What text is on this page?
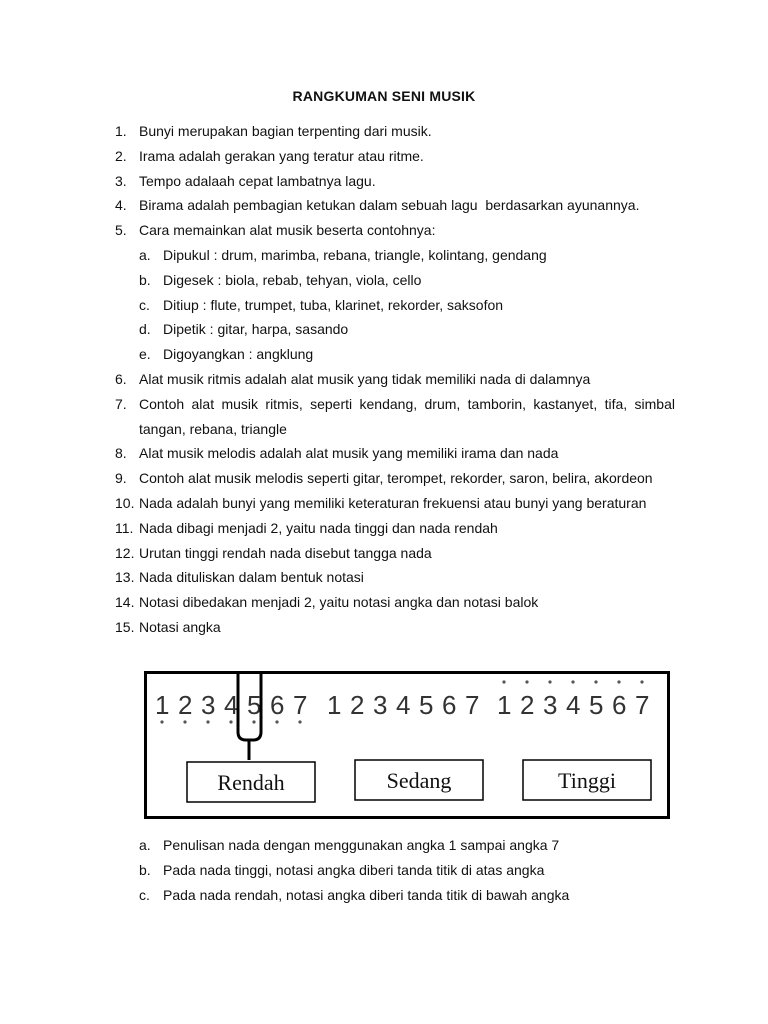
RANGKUMAN SENI MUSIK
1. Bunyi merupakan bagian terpenting dari musik.
2. Irama adalah gerakan yang teratur atau ritme.
3. Tempo adalaah cepat lambatnya lagu.
4. Birama adalah pembagian ketukan dalam sebuah lagu  berdasarkan ayunannya.
5. Cara memainkan alat musik beserta contohnya:
a. Dipukul : drum, marimba, rebana, triangle, kolintang, gendang
b. Digesek : biola, rebab, tehyan, viola, cello
c. Ditiup : flute, trumpet, tuba, klarinet, rekorder, saksofon
d. Dipetik : gitar, harpa, sasando
e. Digoyangkan : angklung
6. Alat musik ritmis adalah alat musik yang tidak memiliki nada di dalamnya
7. Contoh alat musik ritmis, seperti kendang, drum, tamborin, kastanyet, tifa, simbal tangan, rebana, triangle
8. Alat musik melodis adalah alat musik yang memiliki irama dan nada
9. Contoh alat musik melodis seperti gitar, terompet, rekorder, saron, belira, akordeon
10. Nada adalah bunyi yang memiliki keteraturan frekuensi atau bunyi yang beraturan
11. Nada dibagi menjadi 2, yaitu nada tinggi dan nada rendah
12. Urutan tinggi rendah nada disebut tangga nada
13. Nada dituliskan dalam bentuk notasi
14. Notasi dibedakan menjadi 2, yaitu notasi angka dan notasi balok
15. Notasi angka
1 2 3 4 5 6 7 1 2 3 4 5 6 7 1 2 3 4 5 6 7
Rendah	Sedang	Tinggi
a. Penulisan nada dengan menggunakan angka 1 sampai angka 7
b. Pada nada tinggi, notasi angka diberi tanda titik di atas angka
c. Pada nada rendah, notasi angka diberi tanda titik di bawah angka
